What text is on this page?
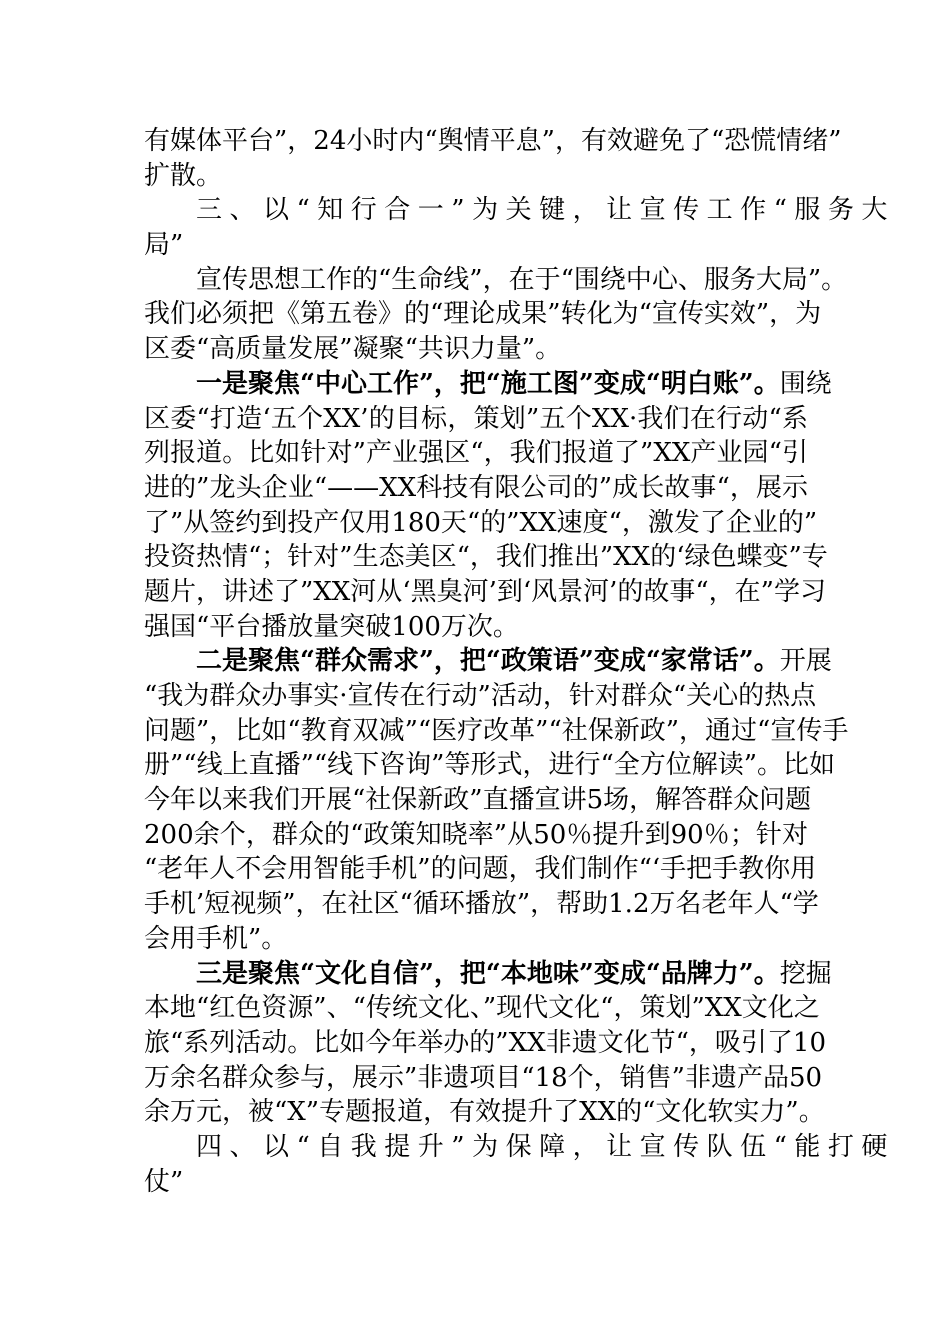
有媒体平台”，24小时内“舆情平息”，有效避免了“恐慌情绪”
扩散。
三、以“知行合一”为关键，让宣传工作“服务大
局”
宣传思想工作的“生命线”，在于“围绕中心、服务大局”。
我们必须把《第五卷》的“理论成果”转化为“宣传实效”，为
区委“高质量发展”凝聚“共识力量”。
一是聚焦“中心工作”，把“施工图”变成“明白账”。围绕
区委“打造‘五个XX’的目标，策划”五个XX·我们在行动“系
列报道。比如针对”产业强区“，我们报道了”XX产业园“引
进的”龙头企业“——XX科技有限公司的”成长故事“，展示
了”从签约到投产仅用180天“的”XX速度“，激发了企业的”
投资热情“；针对”生态美区“，我们推出”XX的‘绿色蝶变”专
题片，讲述了”XX河从‘黑臭河’到‘风景河’的故事“，在”学习
强国“平台播放量突破100万次。
二是聚焦“群众需求”，把“政策语”变成“家常话”。开展
“我为群众办事实·宣传在行动”活动，针对群众“关心的热点
问题”，比如“教育双减”“医疗改革”“社保新政”，通过“宣传手
册”“线上直播”“线下咨询”等形式，进行“全方位解读”。比如
今年以来我们开展“社保新政”直播宣讲5场，解答群众问题
200余个，群众的“政策知晓率”从50％提升到90％；针对
“老年人不会用智能手机”的问题，我们制作“‘手把手教你用
手机’短视频”，在社区“循环播放”，帮助1.2万名老年人“学
会用手机”。
三是聚焦“文化自信”，把“本地味”变成“品牌力”。挖掘
本地“红色资源”、“传统文化、”现代文化“，策划”XX文化之
旅“系列活动。比如今年举办的”XX非遗文化节“，吸引了10
万余名群众参与，展示”非遗项目“18个，销售”非遗产品50
余万元，被“X”专题报道，有效提升了XX的“文化软实力”。
四、以“自我提升”为保障，让宣传队伍“能打硬
仗”
